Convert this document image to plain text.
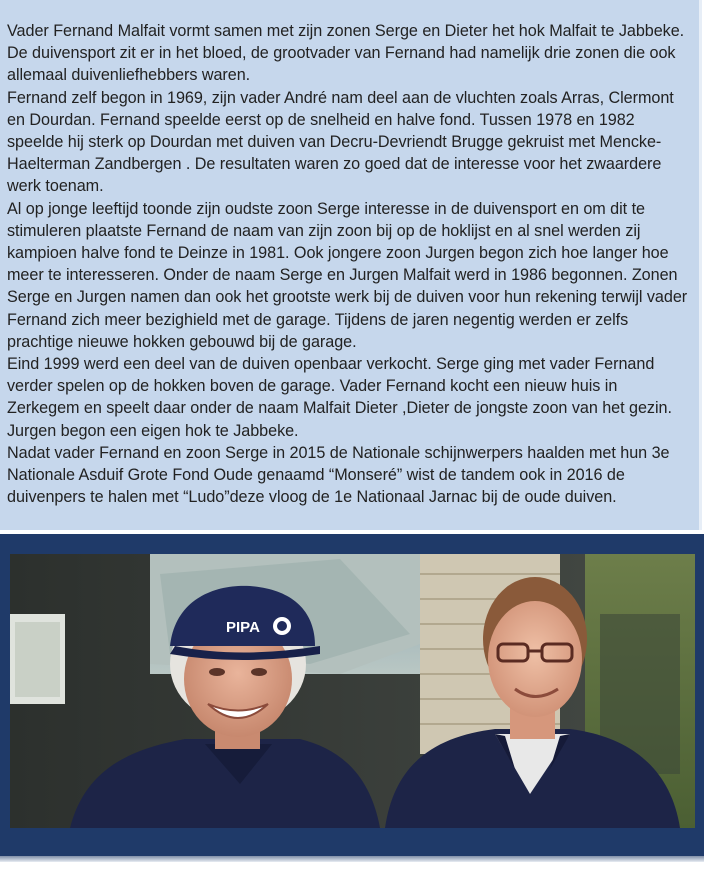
Vader Fernand Malfait vormt samen met zijn zonen Serge en Dieter het hok Malfait te Jabbeke. De duivensport zit er in het bloed, de grootvader van Fernand had namelijk drie zonen die ook allemaal duivenliefhebbers waren.

Fernand zelf begon in 1969, zijn vader André nam deel aan de vluchten zoals Arras, Clermont en Dourdan. Fernand speelde eerst op de snelheid en halve fond. Tussen 1978 en 1982 speelde hij sterk op Dourdan met duiven van Decru-Devriendt Brugge gekruist met Mencke-Haelterman Zandbergen . De resultaten waren zo goed dat de interesse voor het zwaardere werk toenam.

Al op jonge leeftijd toonde zijn oudste zoon Serge interesse in de duivensport en om dit te stimuleren plaatste Fernand de naam van zijn zoon bij op de hoklijst en al snel werden zij kampioen halve fond te Deinze in 1981. Ook jongere zoon Jurgen begon zich hoe langer hoe meer te interesseren. Onder de naam Serge en Jurgen Malfait werd in 1986 begonnen. Zonen Serge en Jurgen namen dan ook het grootste werk bij de duiven voor hun rekening terwijl vader Fernand zich meer bezighield met de garage. Tijdens de jaren negentig werden er zelfs prachtige nieuwe hokken gebouwd bij de garage.

Eind 1999 werd een deel van de duiven openbaar verkocht. Serge ging met vader Fernand verder spelen op de hokken boven de garage. Vader Fernand kocht een nieuw huis in Zerkegem en speelt daar onder de naam Malfait Dieter ,Dieter de jongste zoon van het gezin. Jurgen begon een eigen hok te Jabbeke.

Nadat vader Fernand en zoon Serge in 2015 de Nationale schijnwerpers haalden met hun 3e Nationale Asduif Grote Fond Oude genaamd “Monseré” wist de tandem ook in 2016 de duivenpers te halen met “Ludo”deze vloog de 1e Nationaal Jarnac bij de oude duiven.

PIPA
